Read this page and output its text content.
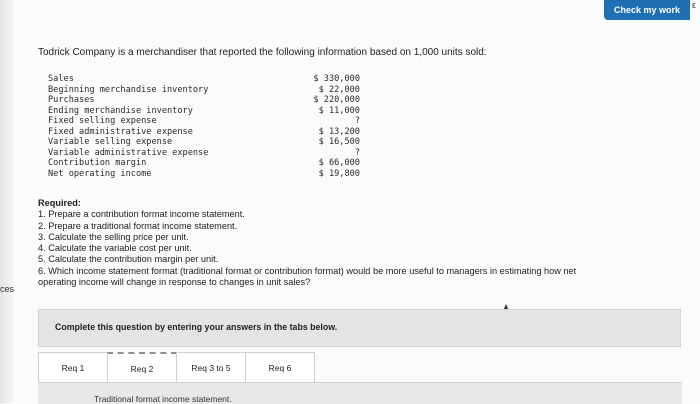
ces
Check my work	ε
Todrick Company is a merchandiser that reported the following information based on 1,000 units sold:
Sales	$ 330,000
Beginning merchandise inventory	$ 22,000
Purchases	$ 220,000
Ending merchandise inventory	$ 11,000
Fixed selling expense	?
Fixed administrative expense	$ 13,200
Variable selling expense	$ 16,500
Variable administrative expense	?
Contribution margin	$ 66,000
Net operating income	$ 19,800
Required:
1. Prepare a contribution format income statement.
2. Prepare a traditional format income statement.
3. Calculate the selling price per unit.
4. Calculate the variable cost per unit.
5. Calculate the contribution margin per unit.
6. Which income statement format (traditional format or contribution format) would be more useful to managers in estimating how net
operating income will change in response to changes in unit sales?
Complete this question by entering your answers in the tabs below.
Req 1	Req 2	Req 3 to 5	Req 6
Traditional format income statement.
